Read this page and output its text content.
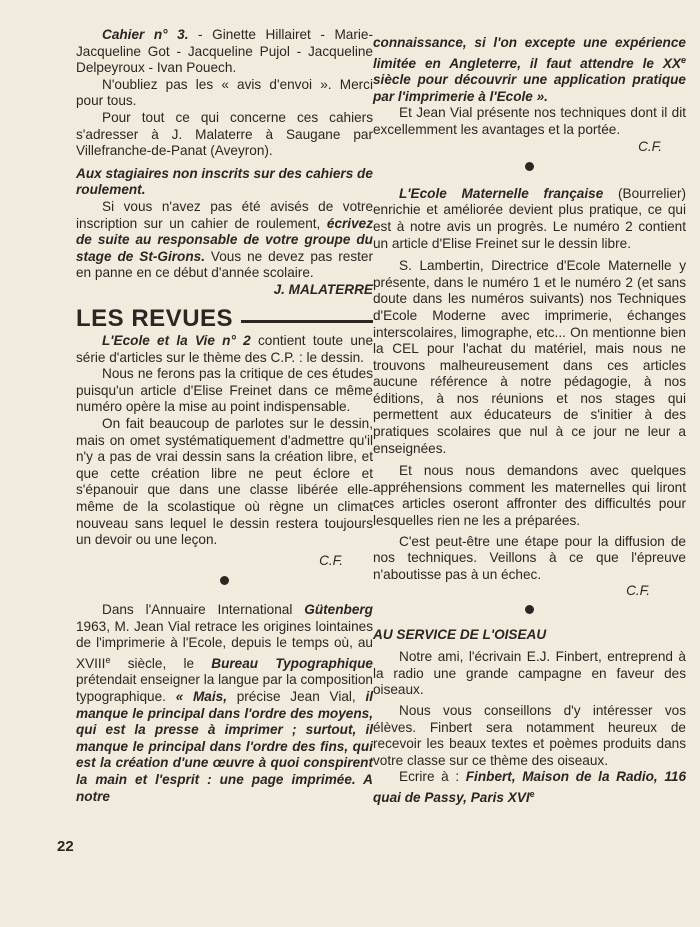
Cahier n° 3. - Ginette Hillairet - Marie-Jacqueline Got - Jacqueline Pujol - Jacqueline Delpeyroux - Ivan Pouech.

N'oubliez pas les « avis d'envoi ». Merci pour tous.

Pour tout ce qui concerne ces cahiers s'adresser à J. Malaterre à Saugane par Villefranche-de-Panat (Aveyron).

Aux stagiaires non inscrits sur des cahiers de roulement.

Si vous n'avez pas été avisés de votre inscription sur un cahier de roulement, écrivez de suite au responsable de votre groupe du stage de St-Girons. Vous ne devez pas rester en panne en ce début d'année scolaire.

J. MALATERRE

LES REVUES

L'Ecole et la Vie n° 2 contient toute une série d'articles sur le thème des C.P. : le dessin.

Nous ne ferons pas la critique de ces études puisqu'un article d'Elise Freinet dans ce même numéro opère la mise au point indispensable.

On fait beaucoup de parlotes sur le dessin, mais on omet systématiquement d'admettre qu'il n'y a pas de vrai dessin sans la création libre, et que cette création libre ne peut éclore et s'épanouir que dans une classe libérée elle-même de la scolastique où règne un climat nouveau sans lequel le dessin restera toujours un devoir ou une leçon.

C.F.

Dans l'Annuaire International Gütenberg 1963, M. Jean Vial retrace les origines lointaines de l'imprimerie à l'Ecole, depuis le temps où, au XVIIIe siècle, le Bureau Typographique prétendait enseigner la langue par la composition typographique. « Mais, précise Jean Vial, il manque le principal dans l'ordre des moyens, qui est la presse à imprimer ; surtout, il manque le principal dans l'ordre des fins, qui est la création d'une œuvre à quoi conspirent la main et l'esprit : une page imprimée. A notre

connaissance, si l'on excepte une expérience limitée en Angleterre, il faut attendre le XXe siècle pour découvrir une application pratique par l'imprimerie à l'Ecole ».

Et Jean Vial présente nos techniques dont il dit excellemment les avantages et la portée.

C.F.

L'Ecole Maternelle française (Bourrelier) enrichie et améliorée devient plus pratique, ce qui est à notre avis un progrès. Le numéro 2 contient un article d'Elise Freinet sur le dessin libre.

S. Lambertin, Directrice d'Ecole Maternelle y présente, dans le numéro 1 et le numéro 2 (et sans doute dans les numéros suivants) nos Techniques d'Ecole Moderne avec imprimerie, échanges interscolaires, limographe, etc... On mentionne bien la CEL pour l'achat du matériel, mais nous ne trouvons malheureusement dans ces articles aucune référence à notre pédagogie, à nos éditions, à nos réunions et nos stages qui permettent aux éducateurs de s'initier à des pratiques scolaires que nul à ce jour ne leur a enseignées.

Et nous nous demandons avec quelques appréhensions comment les maternelles qui liront ces articles oseront affronter des difficultés pour lesquelles rien ne les a préparées.

C'est peut-être une étape pour la diffusion de nos techniques. Veillons à ce que l'épreuve n'aboutisse pas à un échec.

C.F.

AU SERVICE DE L'OISEAU

Notre ami, l'écrivain E.J. Finbert, entreprend à la radio une grande campagne en faveur des oiseaux.

Nous vous conseillons d'y intéresser vos élèves. Finbert sera notamment heureux de recevoir les beaux textes et poèmes produits dans votre classe sur ce thème des oiseaux.

Ecrire à : Finbert, Maison de la Radio, 116 quai de Passy, Paris XVIe

22
